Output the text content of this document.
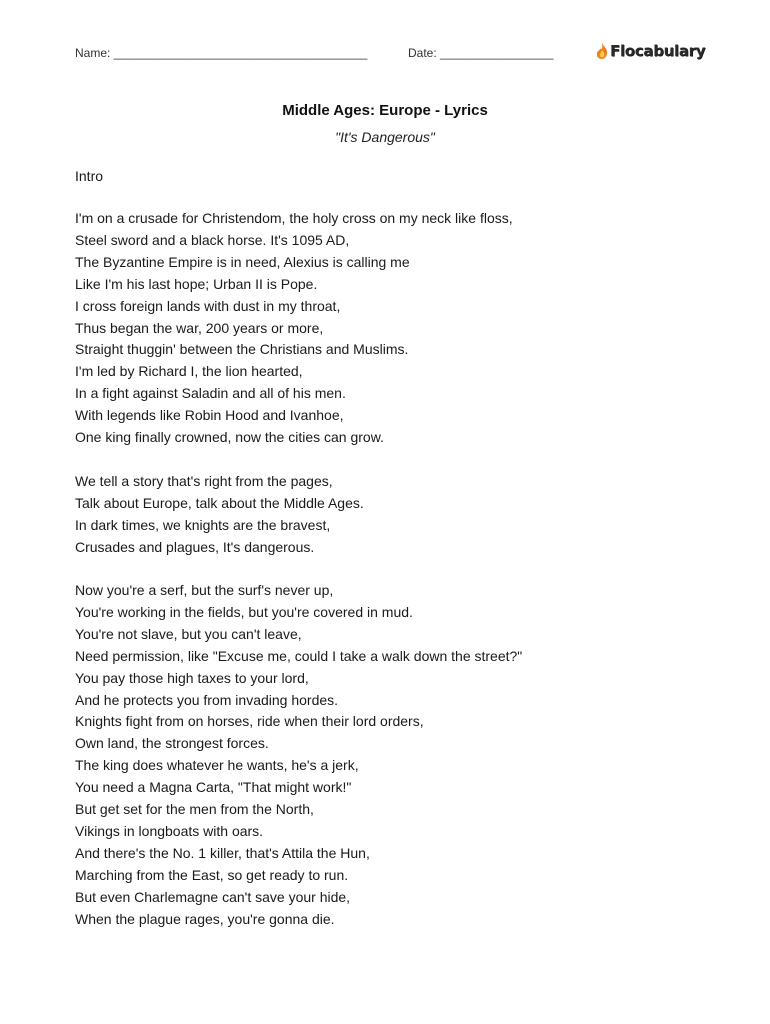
Name: ______________________________________	Date: _________________	Flocabulary
Middle Ages: Europe - Lyrics
"It's Dangerous"
Intro
I'm on a crusade for Christendom, the holy cross on my neck like floss,
Steel sword and a black horse. It's 1095 AD,
The Byzantine Empire is in need, Alexius is calling me
Like I'm his last hope; Urban II is Pope.
I cross foreign lands with dust in my throat,
Thus began the war, 200 years or more,
Straight thuggin' between the Christians and Muslims.
I'm led by Richard I, the lion hearted,
In a fight against Saladin and all of his men.
With legends like Robin Hood and Ivanhoe,
One king finally crowned, now the cities can grow.
We tell a story that's right from the pages,
Talk about Europe, talk about the Middle Ages.
In dark times, we knights are the bravest,
Crusades and plagues, It's dangerous.
Now you're a serf, but the surf's never up,
You're working in the fields, but you're covered in mud.
You're not slave, but you can't leave,
Need permission, like "Excuse me, could I take a walk down the street?"
You pay those high taxes to your lord,
And he protects you from invading hordes.
Knights fight from on horses, ride when their lord orders,
Own land, the strongest forces.
The king does whatever he wants, he's a jerk,
You need a Magna Carta, "That might work!"
But get set for the men from the North,
Vikings in longboats with oars.
And there's the No. 1 killer, that's Attila the Hun,
Marching from the East, so get ready to run.
But even Charlemagne can't save your hide,
When the plague rages, you're gonna die.
